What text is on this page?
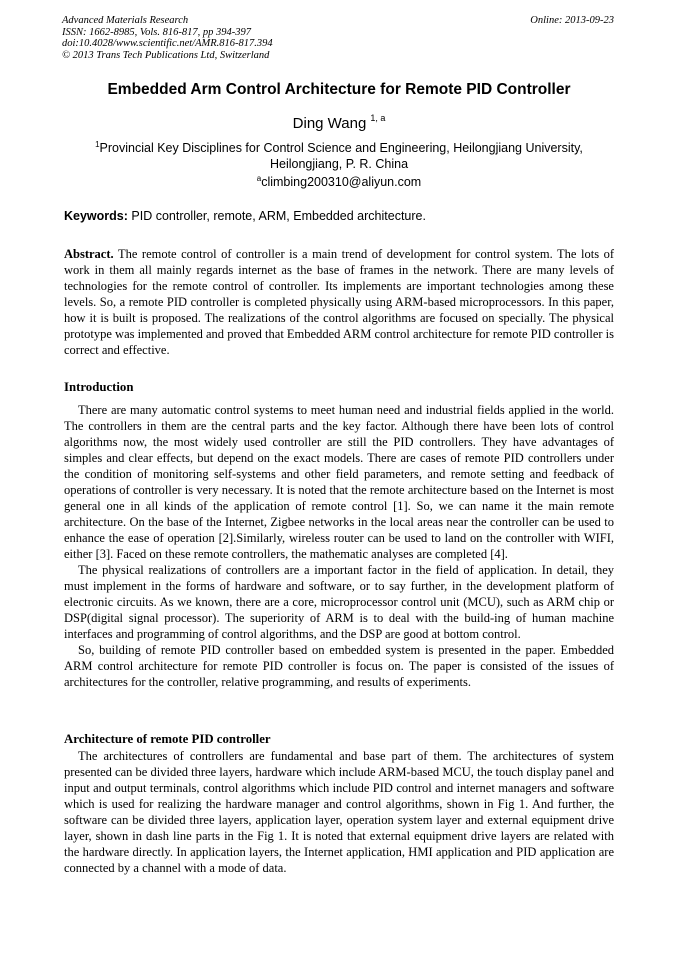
Advanced Materials Research
ISSN: 1662-8985, Vols. 816-817, pp 394-397
doi:10.4028/www.scientific.net/AMR.816-817.394
© 2013 Trans Tech Publications Ltd, Switzerland
Online: 2013-09-23
Embedded Arm Control Architecture for Remote PID Controller
Ding Wang $^{1, a}$
$^1$Provincial Key Disciplines for Control Science and Engineering, Heilongjiang University, Heilongjiang, P. R. China
$^a$climbing200310@aliyun.com
Keywords: PID controller, remote, ARM, Embedded architecture.
Abstract. The remote control of controller is a main trend of development for control system. The lots of work in them all mainly regards internet as the base of frames in the network. There are many levels of technologies for the remote control of controller. Its implements are important technologies among these levels. So, a remote PID controller is completed physically using ARM-based microprocessors. In this paper, how it is built is proposed. The realizations of the control algorithms are focused on specially. The physical prototype was implemented and proved that Embedded ARM control architecture for remote PID controller is correct and effective.
Introduction

There are many automatic control systems to meet human need and industrial fields applied in the world. The controllers in them are the central parts and the key factor. Although there have been lots of control algorithms now, the most widely used controller are still the PID controllers. They have advantages of simples and clear effects, but depend on the exact models. There are cases of remote PID controllers under the condition of monitoring self-systems and other field parameters, and remote setting and feedback of operations of controller is very necessary. It is noted that the remote architecture based on the Internet is most general one in all kinds of the application of remote control [1]. So, we can name it the main remote architecture. On the base of the Internet, Zigbee networks in the local areas near the controller can be used to enhance the ease of operation [2].Similarly, wireless router can be used to land on the controller with WIFI, either [3]. Faced on these remote controllers, the mathematic analyses are completed [4].

The physical realizations of controllers are a important factor in the field of application. In detail, they must implement in the forms of hardware and software, or to say further, in the development platform of electronic circuits. As we known, there are a core, microprocessor control unit (MCU), such as ARM chip or DSP(digital signal processor). The superiority of ARM is to deal with the build-ing of human machine interfaces and programming of control algorithms, and the DSP are good at bottom control.

So, building of remote PID controller based on embedded system is presented in the paper. Embedded ARM control architecture for remote PID controller is focus on. The paper is consisted of the issues of architectures for the controller, relative programming, and results of experiments.

Architecture of remote PID controller

The architectures of controllers are fundamental and base part of them. The architectures of system presented can be divided three layers, hardware which include ARM-based MCU, the touch display panel and input and output terminals, control algorithms which include PID control and internet managers and software which is used for realizing the hardware manager and control algorithms, shown in Fig 1. And further, the software can be divided three layers, application layer, operation system layer and external equipment drive layer, shown in dash line parts in the Fig 1. It is noted that external equipment drive layers are related with the hardware directly. In application layers, the Internet application, HMI application and PID application are connected by a channel with a mode of data.
